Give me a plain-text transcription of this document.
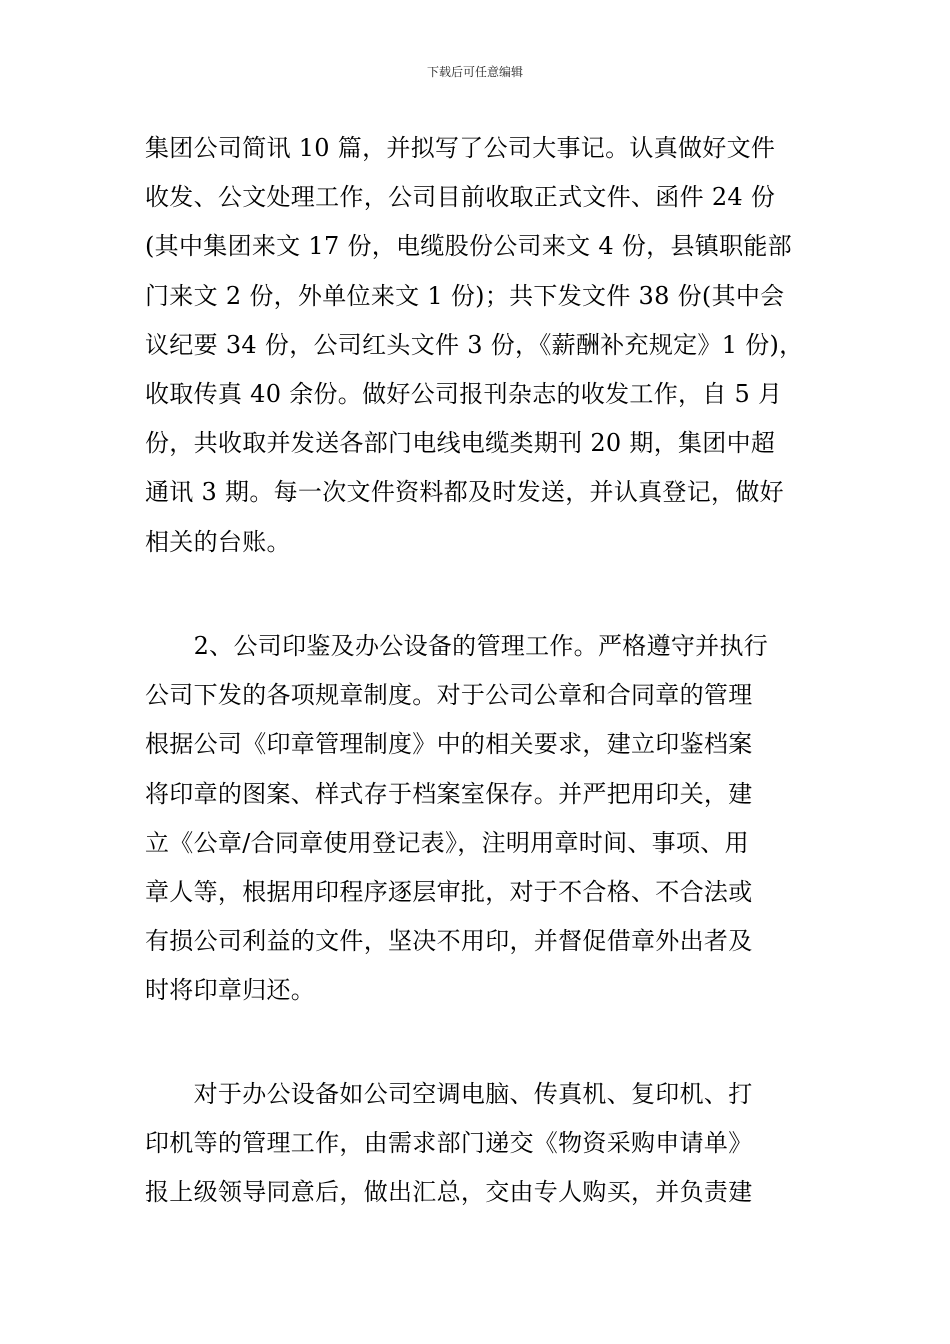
下载后可任意编辑
集团公司简讯 10 篇，并拟写了公司大事记。认真做好文件
收发、公文处理工作，公司目前收取正式文件、函件 24 份
(其中集团来文 17 份，电缆股份公司来文 4 份，县镇职能部
门来文 2 份，外单位来文 1 份)；共下发文件 38 份(其中会
议纪要 34 份，公司红头文件 3 份，《薪酬补充规定》1 份)，
收取传真 40 余份。做好公司报刊杂志的收发工作，自 5 月
份，共收取并发送各部门电线电缆类期刊 20 期，集团中超
通讯 3 期。每一次文件资料都及时发送，并认真登记，做好
相关的台账。
　　2、公司印鉴及办公设备的管理工作。严格遵守并执行
公司下发的各项规章制度。对于公司公章和合同章的管理
根据公司《印章管理制度》中的相关要求，建立印鉴档案
将印章的图案、样式存于档案室保存。并严把用印关，建
立《公章/合同章使用登记表》，注明用章时间、事项、用
章人等，根据用印程序逐层审批，对于不合格、不合法或
有损公司利益的文件，坚决不用印，并督促借章外出者及
时将印章归还。
　　对于办公设备如公司空调电脑、传真机、复印机、打
印机等的管理工作，由需求部门递交《物资采购申请单》
报上级领导同意后，做出汇总，交由专人购买，并负责建
